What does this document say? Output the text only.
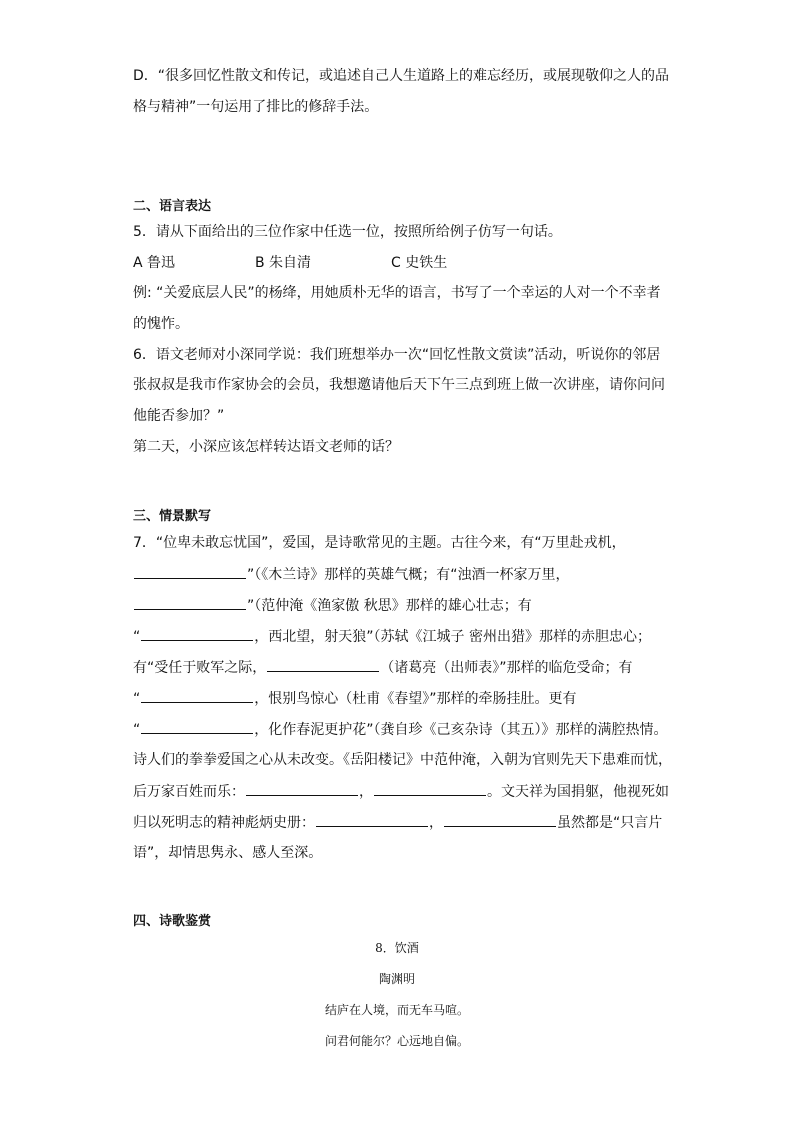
D．“很多回忆性散文和传记，或追述自己人生道路上的难忘经历，或展现敬仰之人的品
格与精神”一句运用了排比的修辞手法。
二、语言表达
5．请从下面给出的三位作家中任选一位，按照所给例子仿写一句话。
A 鲁迅	B 朱自清	C 史铁生
例: “关爱底层人民”的杨绛，用她质朴无华的语言，书写了一个幸运的人对一个不幸者
的愧怍。
6．语文老师对小深同学说：我们班想举办一次“回忆性散文赏读”活动，听说你的邻居
张叔叔是我市作家协会的会员，我想邀请他后天下午三点到班上做一次讲座，请你问问
他能否参加？”
第二天，小深应该怎样转达语文老师的话？
三、情景默写
7．“位卑未敢忘忧国”，爱国，是诗歌常见的主题。古往今来，有“万里赴戎机，
”（《木兰诗》那样的英雄气概；有“浊酒一杯家万里，
”（范仲淹《渔家傲 秋思》那样的雄心壮志；有
“	，西北望，射天狼”（苏轼《江城子 密州出猎》那样的赤胆忠心；
有“受任于败军之际，	（诸葛亮（出师表》”那样的临危受命；有
“	，恨别鸟惊心（杜甫《春望》”那样的牵肠挂肚。更有
“	，化作春泥更护花”（龚自珍《己亥杂诗（其五）》那样的满腔热情。
诗人们的拳拳爱国之心从未改变。《岳阳楼记》中范仲淹，入朝为官则先天下患难而忧，
后万家百姓而乐：	，	。文天祥为国捐躯，他视死如
归以死明志的精神彪炳史册：	，	虽然都是“只言片
语”，却情思隽永、感人至深。
四、诗歌鉴赏
8．饮酒
陶渊明
结庐在人境，而无车马喧。
问君何能尔？心远地自偏。
